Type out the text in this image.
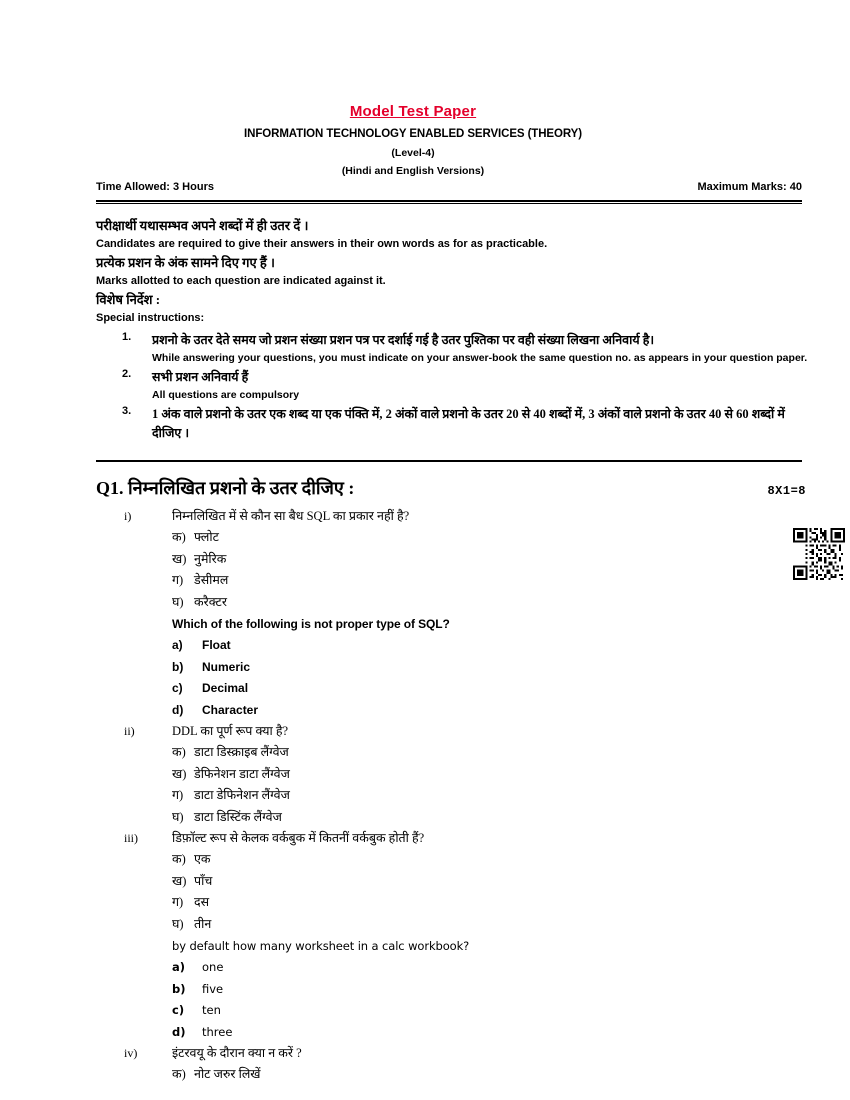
Model Test Paper
INFORMATION TECHNOLOGY ENABLED SERVICES (THEORY)
(Level-4)
(Hindi and English Versions)
Time Allowed: 3 Hours	Maximum Marks: 40
परीक्षार्थी यथासम्भव अपने शब्दों में ही उतर दें ।
Candidates are required to give their answers in their own words as for as practicable.
प्रत्येक प्रशन के अंक सामने दिए गए हैं ।
Marks allotted to each question are indicated against it.
विशेष निर्देश :
Special instructions:
1.	प्रशनो के उतर देते समय जो प्रशन संख्या प्रशन पत्र पर दर्शाई गई है उतर पुश्तिका पर वही संख्या लिखना अनिवार्य है।
While answering your questions, you must indicate on your answer-book the same question no. as appears in your question paper.
2.	सभी प्रशन अनिवार्य हैं
All questions are compulsory
3.	1 अंक वाले प्रशनो के उतर एक शब्द या एक पंक्ति में, 2 अंकों वाले प्रशनो के उतर 20 से 40 शब्दों में, 3 अंकों वाले प्रशनो के उतर 40 से 60 शब्दों में दीजिए ।
Q1. निम्नलिखित प्रशनो के उतर दीजिए :	8X1=8
i)	निम्नलिखित में से कौन सा बैध SQL का प्रकार नहीं है?
क) फ्लोट
ख) नुमेरिक
ग) डेसीमल
घ) करैक्टर
Which of the following is not proper type of SQL?
a) Float
b) Numeric
c) Decimal
d) Character
ii)	DDL का पूर्ण रूप क्या है?
क) डाटा डिस्क्राइब लैंग्वेज
ख) डेफिनेशन डाटा लैंग्वेज
ग) डाटा डेफिनेशन लैंग्वेज
घ) डाटा डिस्टिंक लैंग्वेज
iii)	डिफ़ॉल्ट रूप से केलक वर्कबुक में कितनीं वर्कबुक होती हैं?
क) एक
ख) पाँच
ग) दस
घ) तीन
by default how many worksheet in a calc workbook?
a) one
b) five
c) ten
d) three
iv)	इंटरवयू के दौरान क्या न करें ?
क) नोट जरुर लिखें
